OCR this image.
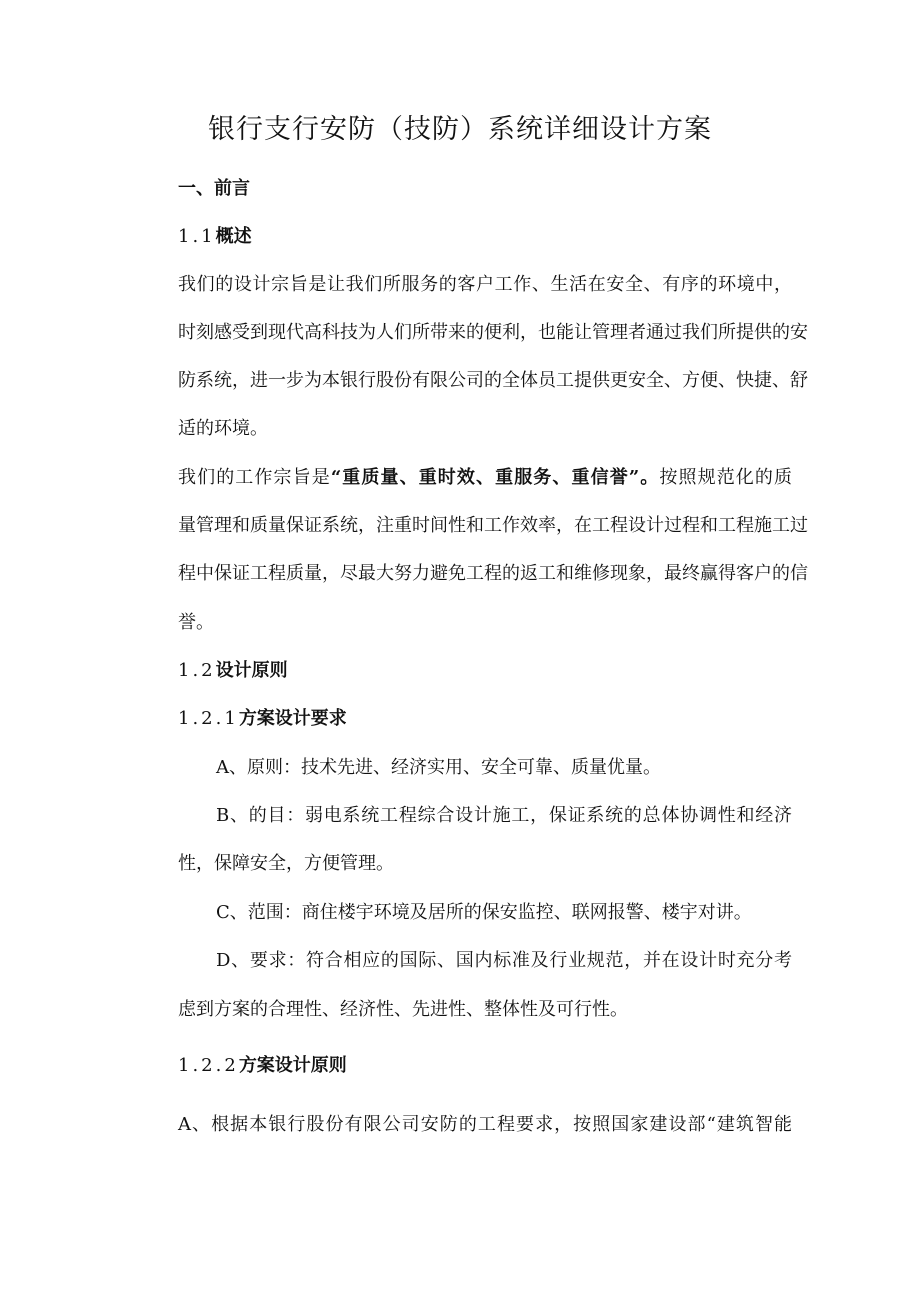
银行支行安防（技防）系统详细设计方案
一、前言
1.1概述
我们的设计宗旨是让我们所服务的客户工作、生活在安全、有序的环境中，
时刻感受到现代高科技为人们所带来的便利，也能让管理者通过我们所提供的安
防系统，进一步为本银行股份有限公司的全体员工提供更安全、方便、快捷、舒
适的环境。
我们的工作宗旨是“重质量、重时效、重服务、重信誉”。按照规范化的质
量管理和质量保证系统，注重时间性和工作效率，在工程设计过程和工程施工过
程中保证工程质量，尽最大努力避免工程的返工和维修现象，最终赢得客户的信
誉。
1.2设计原则
1.2.1方案设计要求
A、原则：技术先进、经济实用、安全可靠、质量优量。
B、的目：弱电系统工程综合设计施工，保证系统的总体协调性和经济
性，保障安全，方便管理。
C、范围：商住楼宇环境及居所的保安监控、联网报警、楼宇对讲。
D、要求：符合相应的国际、国内标准及行业规范，并在设计时充分考
虑到方案的合理性、经济性、先进性、整体性及可行性。
1.2.2方案设计原则
A、根据本银行股份有限公司安防的工程要求，按照国家建设部“建筑智能
